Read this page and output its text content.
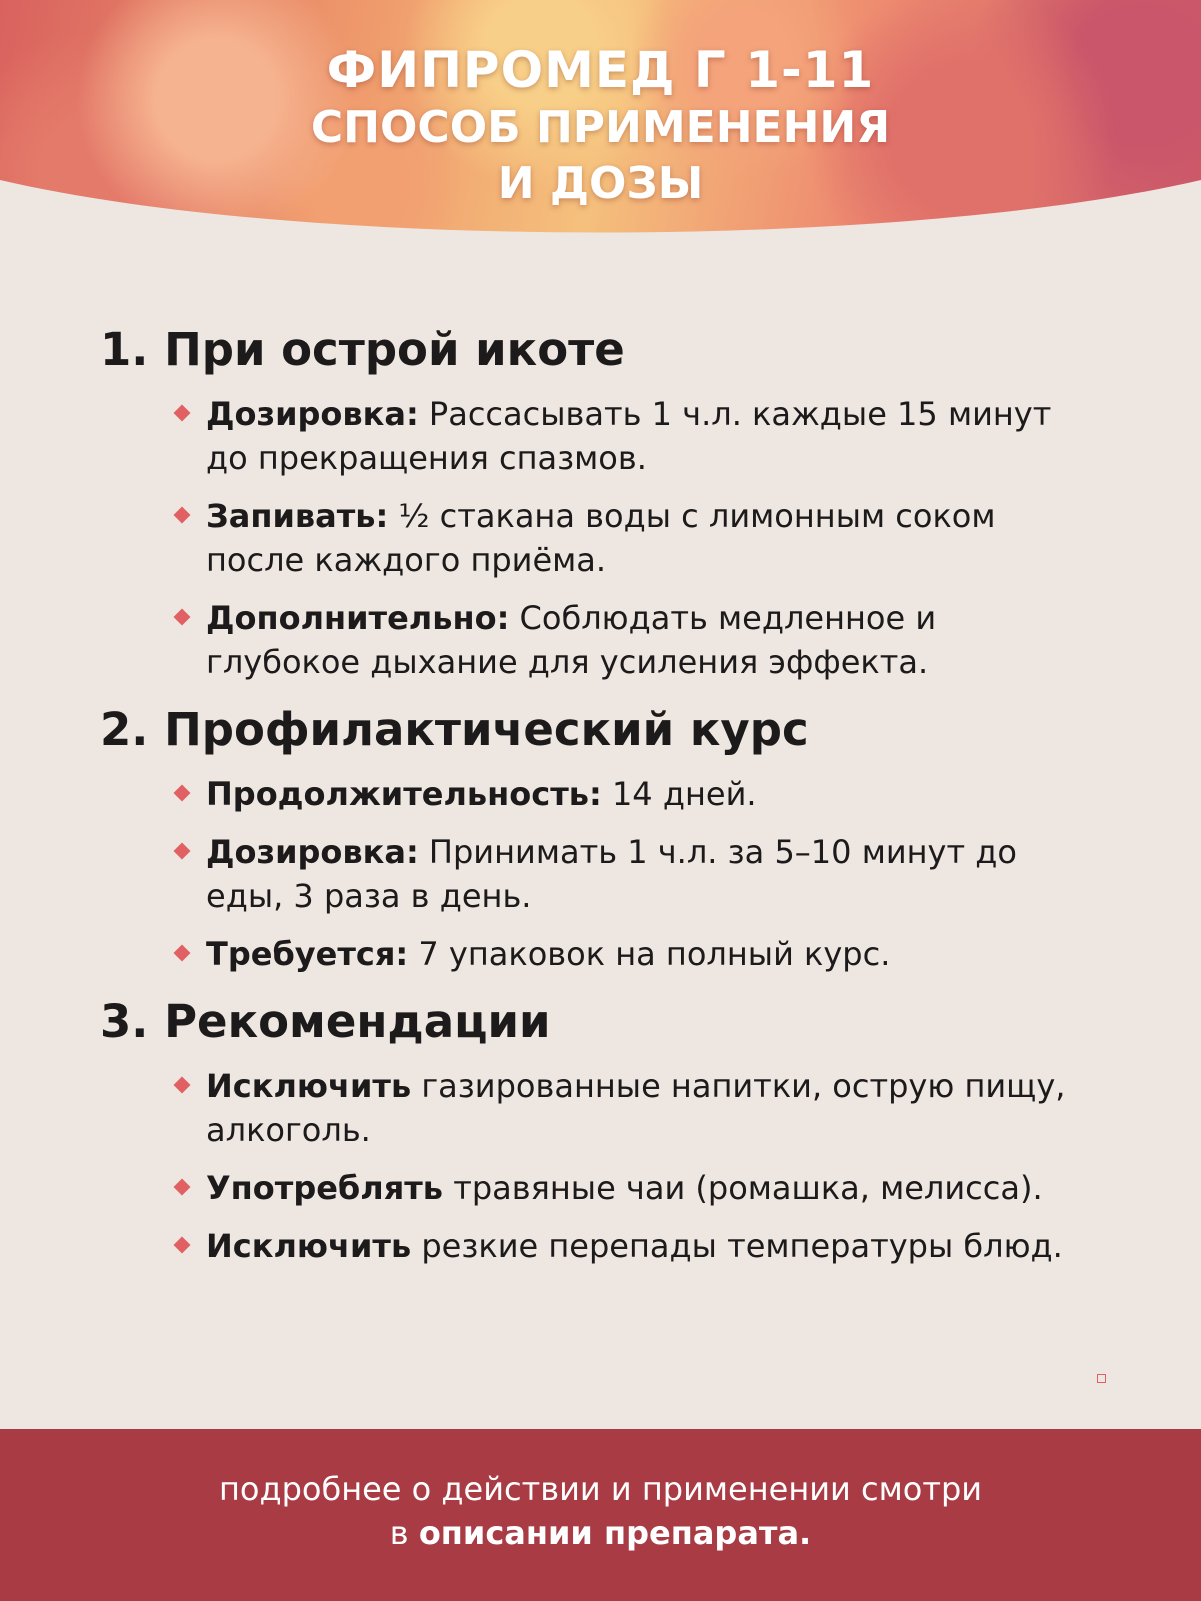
ФИПРОМЕД Г 1-11
СПОСОБ ПРИМЕНЕНИЯ
И ДОЗЫ
1. При острой икоте
Дозировка: Рассасывать 1 ч.л. каждые 15 минут до прекращения спазмов.
Запивать: ½ стакана воды с лимонным соком после каждого приёма.
Дополнительно: Соблюдать медленное и глубокое дыхание для усиления эффекта.
2. Профилактический курс
Продолжительность: 14 дней.
Дозировка: Принимать 1 ч.л. за 5–10 минут до еды, 3 раза в день.
Требуется: 7 упаковок на полный курс.
3. Рекомендации
Исключить газированные напитки, острую пищу, алкоголь.
Употреблять травяные чаи (ромашка, мелисса).
Исключить резкие перепады температуры блюд.
подробнее о действии и применении смотри
в описании препарата.
